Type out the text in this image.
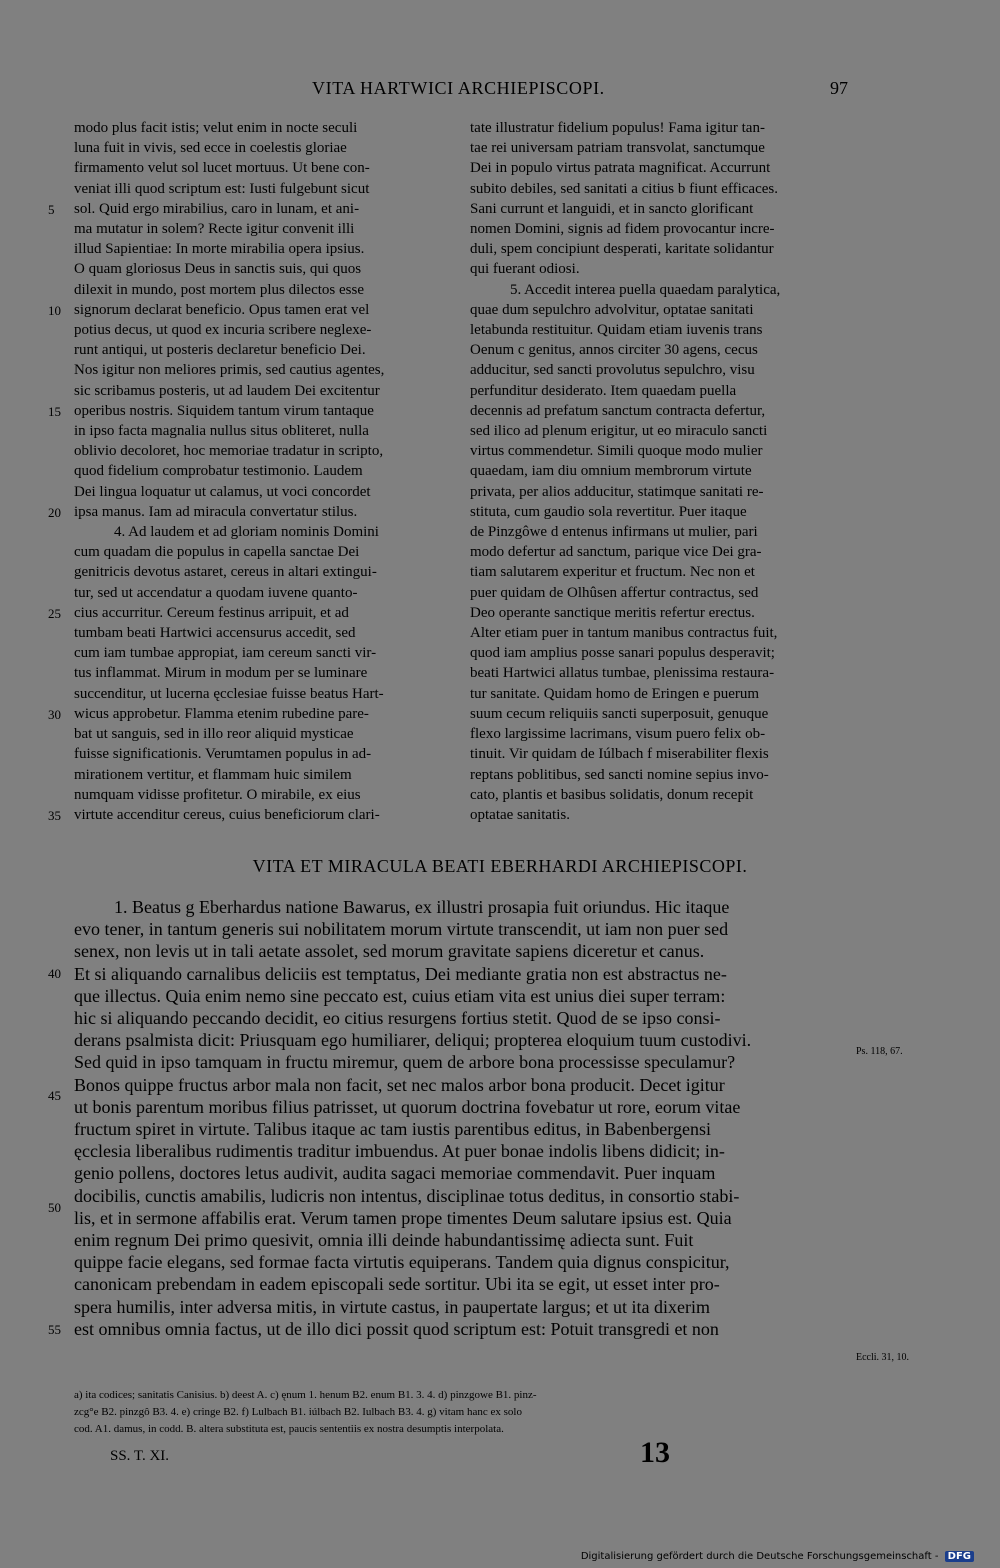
VITA HARTWICI ARCHIEPISCOPI.	97
modo plus facit istis; velut enim in nocte seculi
luna fuit in vivis, sed ecce in coelestis gloriae
firmamento velut sol lucet mortuus. Ut bene con-
veniat illi quod scriptum est: Iusti fulgebunt sicut
sol. Quid ergo mirabilius, caro in lunam, et ani-
ma mutatur in solem? Recte igitur convenit illi
illud Sapientiae: In morte mirabilia opera ipsius.
O quam gloriosus Deus in sanctis suis, qui quos
dilexit in mundo, post mortem plus dilectos esse
signorum declarat beneficio. Opus tamen erat vel
potius decus, ut quod ex incuria scribere neglexe-
runt antiqui, ut posteris declaretur beneficio Dei.
Nos igitur non meliores primis, sed cautius agentes,
sic scribamus posteris, ut ad laudem Dei excitentur
operibus nostris. Siquidem tantum virum tantaque
in ipso facta magnalia nullus situs obliteret, nulla
oblivio decoloret, hoc memoriae tradatur in scripto,
quod fidelium comprobatur testimonio. Laudem
Dei lingua loquatur ut calamus, ut voci concordet
ipsa manus. Iam ad miracula convertatur stilus.
4. Ad laudem et ad gloriam nominis Domini
cum quadam die populus in capella sanctae Dei
genitricis devotus astaret, cereus in altari extingui-
tur, sed ut accendatur a quodam iuvene quanto-
cius accurritur. Cereum festinus arripuit, et ad
tumbam beati Hartwici accensurus accedit, sed
cum iam tumbae appropiat, iam cereum sancti vir-
tus inflammat. Mirum in modum per se luminare
succenditur, ut lucerna ęcclesiae fuisse beatus Hart-
wicus approbetur. Flamma etenim rubedine pare-
bat ut sanguis, sed in illo reor aliquid mysticae
fuisse significationis. Verumtamen populus in ad-
mirationem vertitur, et flammam huic similem
numquam vidisse profitetur. O mirabile, ex eius
virtute accenditur cereus, cuius beneficiorum clari-
tate illustratur fidelium populus! Fama igitur tan-
tae rei universam patriam transvolat, sanctumque
Dei in populo virtus patrata magnificat. Accurrunt
subito debiles, sed sanitati a citius b fiunt efficaces.
Sani currunt et languidi, et in sancto glorificant
nomen Domini, signis ad fidem provocantur incre-
duli, spem concipiunt desperati, karitate solidantur
qui fuerant odiosi.
5. Accedit interea puella quaedam paralytica,
quae dum sepulchro advolvitur, optatae sanitati
letabunda restituitur. Quidam etiam iuvenis trans
Oenum c genitus, annos circiter 30 agens, cecus
adducitur, sed sancti provolutus sepulchro, visu
perfunditur desiderato. Item quaedam puella
decennis ad prefatum sanctum contracta defertur,
sed ilico ad plenum erigitur, ut eo miraculo sancti
virtus commendetur. Simili quoque modo mulier
quaedam, iam diu omnium membrorum virtute
privata, per alios adducitur, statimque sanitati re-
stituta, cum gaudio sola revertitur. Puer itaque
de Pinzgôwe d entenus infirmans ut mulier, pari
modo defertur ad sanctum, parique vice Dei gra-
tiam salutarem experitur et fructum. Nec non et
puer quidam de Olhûsen affertur contractus, sed
Deo operante sanctique meritis refertur erectus.
Alter etiam puer in tantum manibus contractus fuit,
quod iam amplius posse sanari populus desperavit;
beati Hartwici allatus tumbae, plenissima restaura-
tur sanitate. Quidam homo de Eringen e puerum
suum cecum reliquiis sancti superposuit, genuque
flexo largissime lacrimans, visum puero felix ob-
tinuit. Vir quidam de Iúlbach f miserabiliter flexis
reptans poblitibus, sed sancti nomine sepius invo-
cato, plantis et basibus solidatis, donum recepit
optatae sanitatis.
5
10
15
20
25
30
35
VITA ET MIRACULA BEATI EBERHARDI ARCHIEPISCOPI.
1. Beatus g Eberhardus natione Bawarus, ex illustri prosapia fuit oriundus. Hic itaque
evo tener, in tantum generis sui nobilitatem morum virtute transcendit, ut iam non puer sed
senex, non levis ut in tali aetate assolet, sed morum gravitate sapiens diceretur et canus.
Et si aliquando carnalibus deliciis est temptatus, Dei mediante gratia non est abstractus ne-
que illectus. Quia enim nemo sine peccato est, cuius etiam vita est unius diei super terram:
hic si aliquando peccando decidit, eo citius resurgens fortius stetit. Quod de se ipso consi-
derans psalmista dicit: Priusquam ego humiliarer, deliqui; propterea eloquium tuum custodivi.
Sed quid in ipso tamquam in fructu miremur, quem de arbore bona processisse speculamur?
Bonos quippe fructus arbor mala non facit, set nec malos arbor bona producit. Decet igitur
ut bonis parentum moribus filius patrisset, ut quorum doctrina fovebatur ut rore, eorum vitae
fructum spiret in virtute. Talibus itaque ac tam iustis parentibus editus, in Babenbergensi
ęcclesia liberalibus rudimentis traditur imbuendus. At puer bonae indolis libens didicit; in-
genio pollens, doctores letus audivit, audita sagaci memoriae commendavit. Puer inquam
docibilis, cunctis amabilis, ludicris non intentus, disciplinae totus deditus, in consortio stabi-
lis, et in sermone affabilis erat. Verum tamen prope timentes Deum salutare ipsius est. Quia
enim regnum Dei primo quesivit, omnia illi deinde habundantissimę adiecta sunt. Fuit
quippe facie elegans, sed formae facta virtutis equiperans. Tandem quia dignus conspicitur,
canonicam prebendam in eadem episcopali sede sortitur. Ubi ita se egit, ut esset inter pro-
spera humilis, inter adversa mitis, in virtute castus, in paupertate largus; et ut ita dixerim
est omnibus omnia factus, ut de illo dici possit quod scriptum est: Potuit transgredi et non
40
45
50
55
Ps. 118, 67.
Eccli. 31, 10.
a) ita codices; sanitatis Canisius. b) deest A. c) ęnum 1. henum B2. enum B1. 3. 4. d) pinzgowe B1. pinz-
zcg°e B2. pinzgô B3. 4. e) cringe B2. f) Lulbach B1. iúlbach B2. Iulbach B3. 4. g) vitam hanc ex solo
cod. A1. damus, in codd. B. altera substituta est, paucis sententiis ex nostra desumptis interpolata.
SS. T. XI.	13
Digitalisierung gefördert durch die Deutsche Forschungsgemeinschaft - DFG
